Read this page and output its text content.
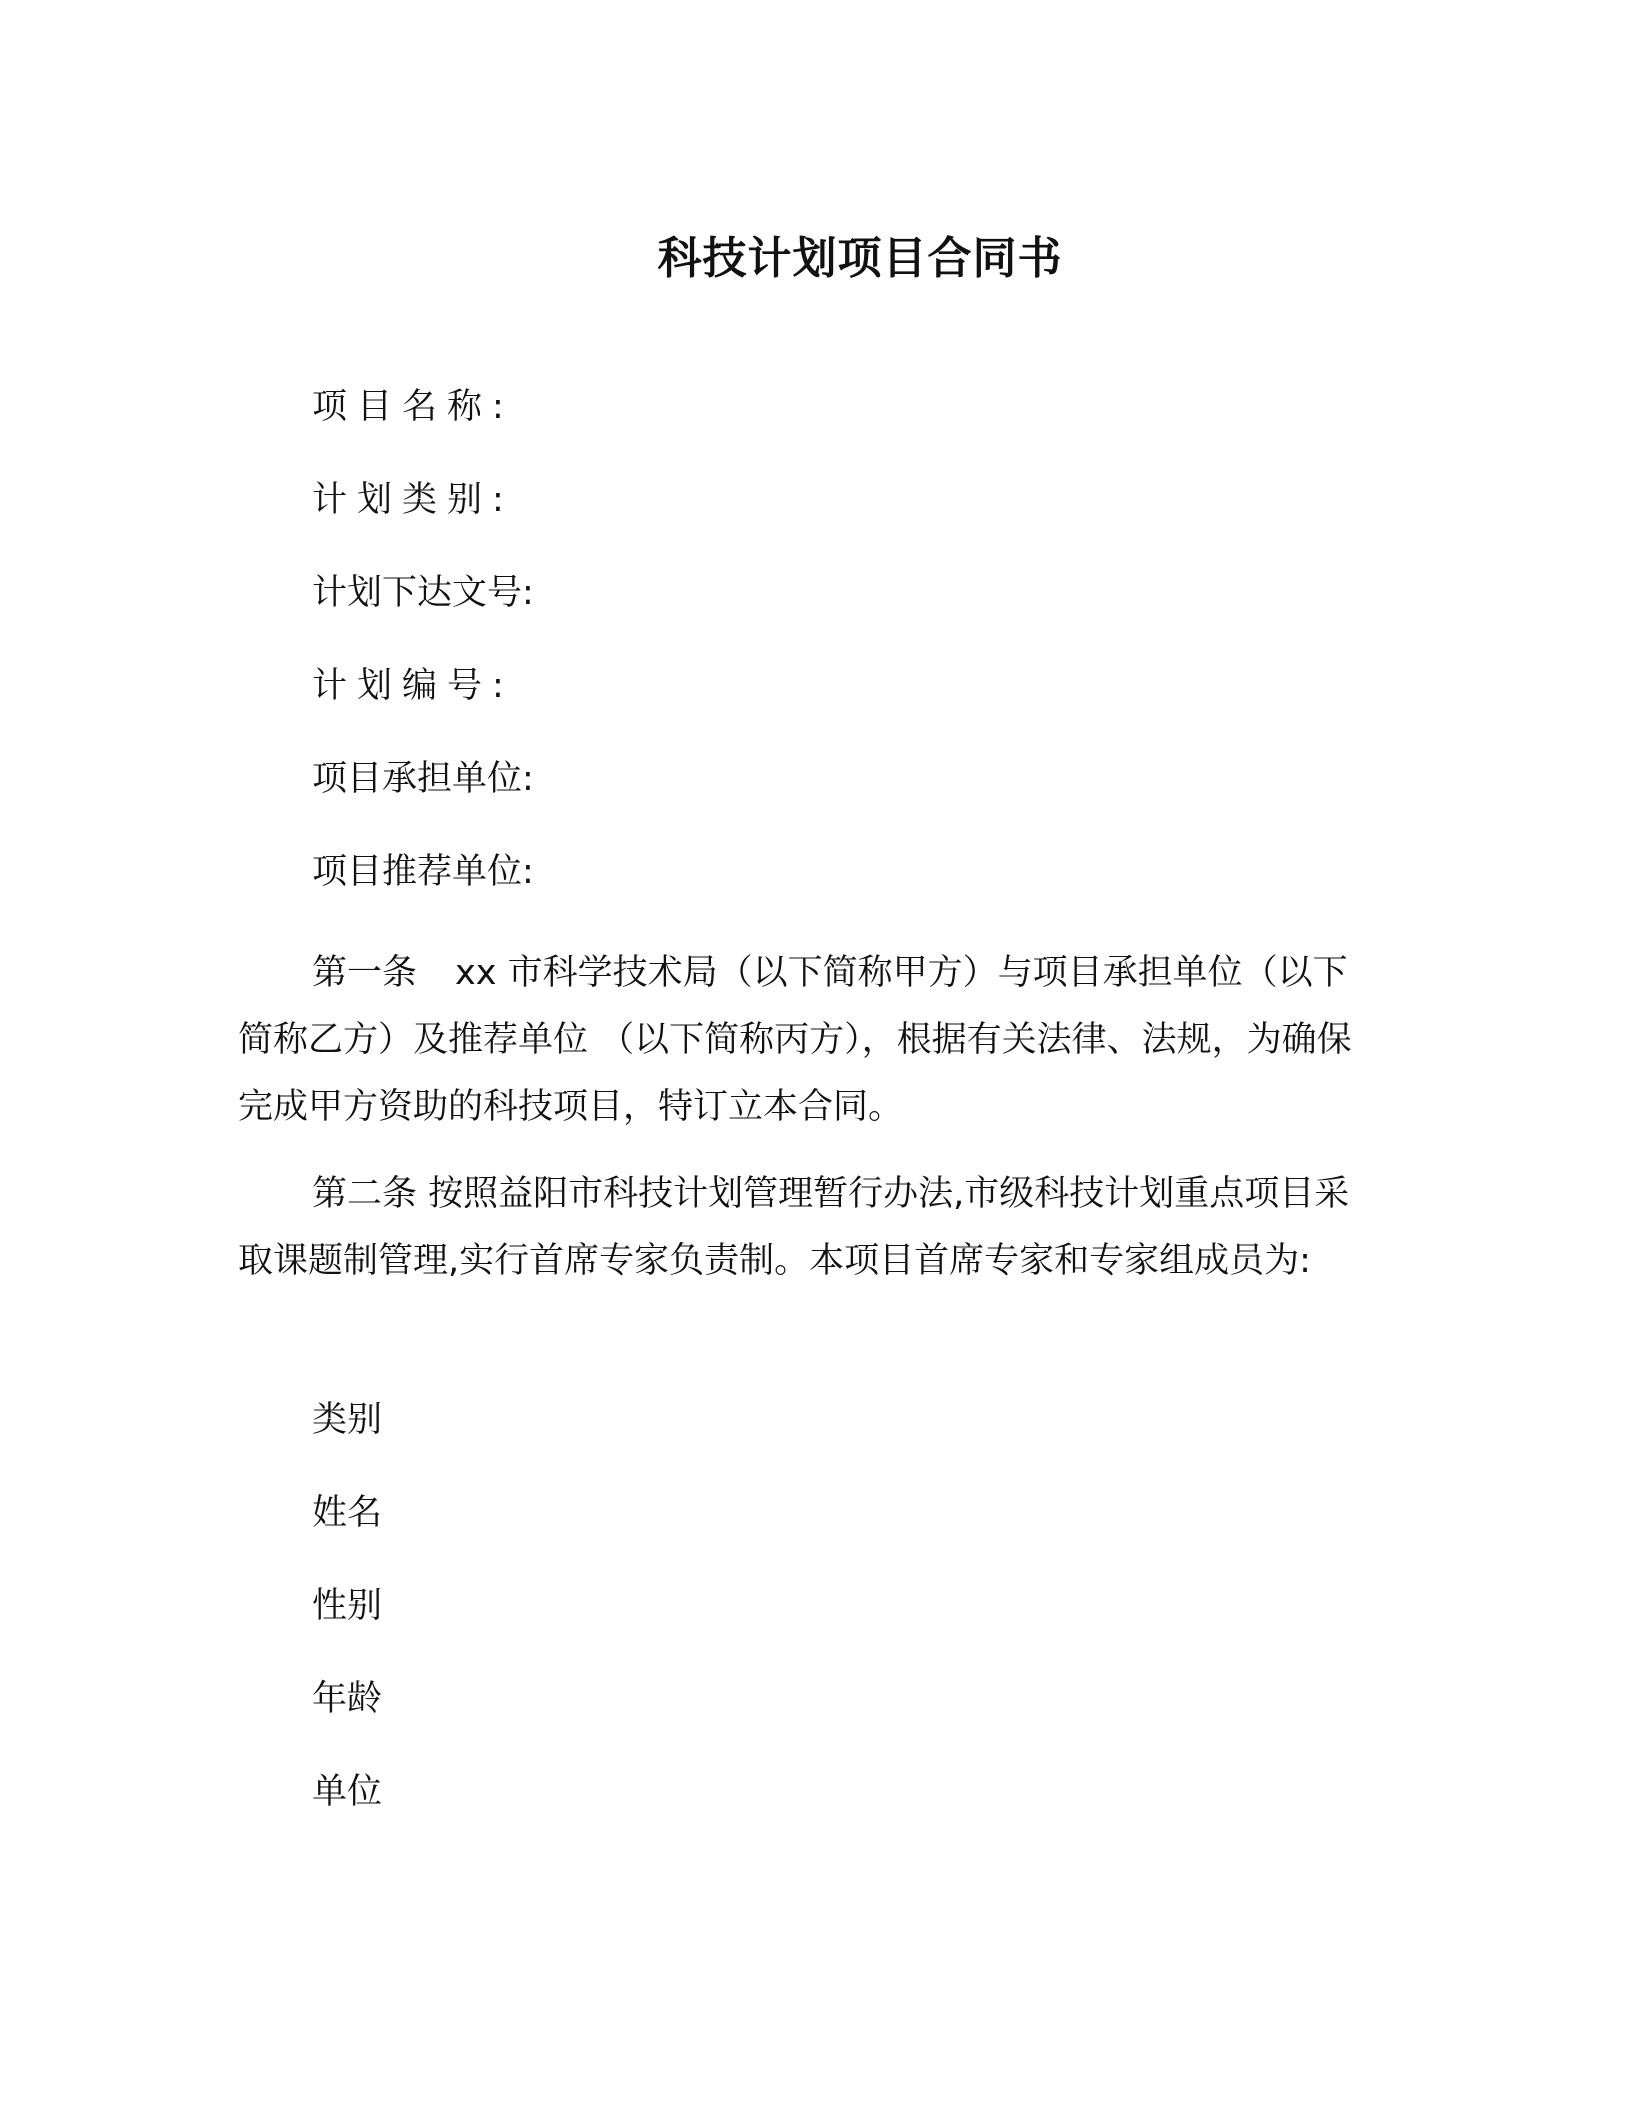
科技计划项目合同书

项目名称:

计划类别:

计划下达文号:

计划编号:

项目承担单位:

项目推荐单位:

第一条 xx 市科学技术局（以下简称甲方）与项目承担单位（以下简称乙方）及推荐单位 （以下简称丙方），根据有关法律、法规，为确保完成甲方资助的科技项目，特订立本合同。

第二条 按照益阳市科技计划管理暂行办法,市级科技计划重点项目采取课题制管理,实行首席专家负责制。本项目首席专家和专家组成员为:

类别

姓名

性别

年龄

单位
